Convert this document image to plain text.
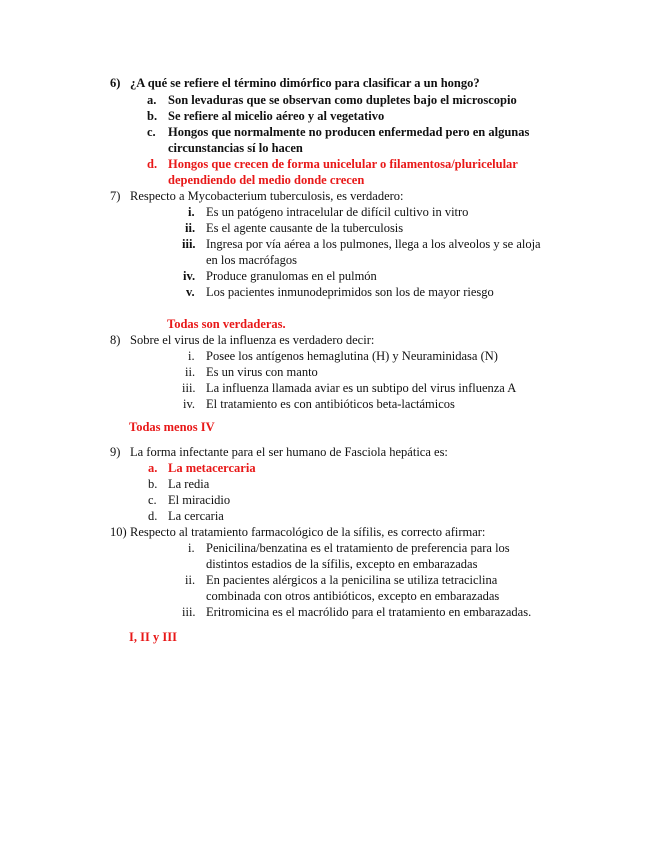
6) ¿A qué se refiere el término dimórfico para clasificar a un hongo?
a. Son levaduras que se observan como dupletes bajo el microscopio
b. Se refiere al micelio aéreo y al vegetativo
c. Hongos que normalmente no producen enfermedad pero en algunas
circunstancias sí lo hacen
d. Hongos que crecen de forma unicelular o filamentosa/pluricelular
dependiendo del medio donde crecen
7) Respecto a Mycobacterium tuberculosis, es verdadero:
i. Es un patógeno intracelular de difícil cultivo in vitro
ii. Es el agente causante de la tuberculosis
iii. Ingresa por vía aérea a los pulmones, llega a los alveolos y se aloja
en los macrófagos
iv. Produce granulomas en el pulmón
v. Los pacientes inmunodeprimidos son los de mayor riesgo
Todas son verdaderas.
8) Sobre el virus de la influenza es verdadero decir:
i. Posee los antígenos hemaglutina (H) y Neuraminidasa (N)
ii. Es un virus con manto
iii. La influenza llamada aviar es un subtipo del virus influenza A
iv. El tratamiento es con antibióticos beta-lactámicos
Todas menos IV
9) La forma infectante para el ser humano de Fasciola hepática es:
a. La metacercaria
b. La redia
c. El miracidio
d. La cercaria
10) Respecto al tratamiento farmacológico de la sífilis, es correcto afirmar:
i. Penicilina/benzatina es el tratamiento de preferencia para los
distintos estadios de la sífilis, excepto en embarazadas
ii. En pacientes alérgicos a la penicilina se utiliza tetraciclina
combinada con otros antibióticos, excepto en embarazadas
iii. Eritromicina es el macrólido para el tratamiento en embarazadas.
I, II y III
